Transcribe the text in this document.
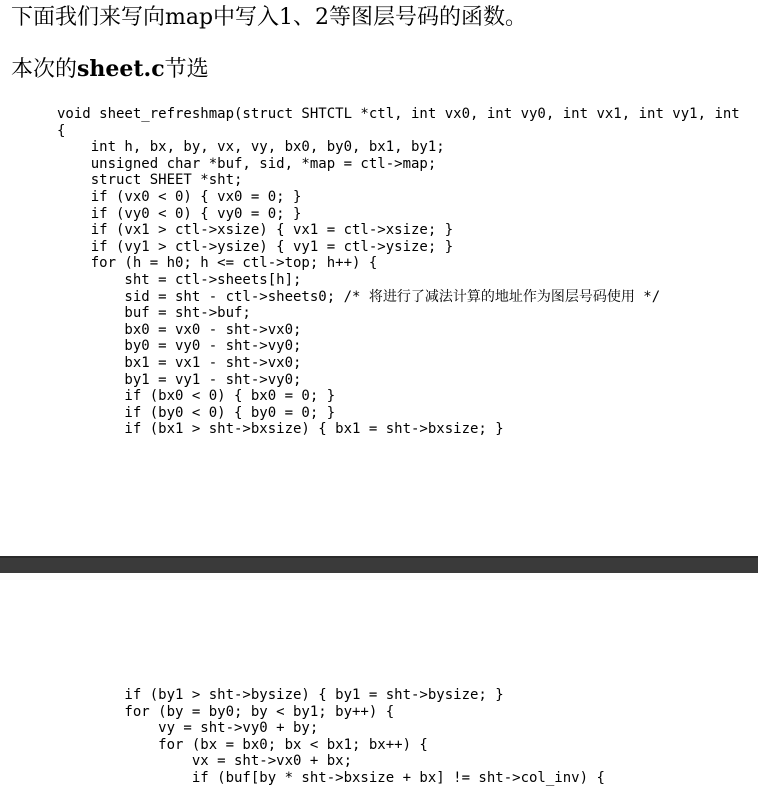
下面我们来写向map中写入1、2等图层号码的函数。
本次的sheet.c节选
void sheet_refreshmap(struct SHTCTL *ctl, int vx0, int vy0, int vx1, int vy1, int
{
int h, bx, by, vx, vy, bx0, by0, bx1, by1;
unsigned char *buf, sid, *map = ctl->map;
struct SHEET *sht;
if (vx0 < 0) { vx0 = 0; }
if (vy0 < 0) { vy0 = 0; }
if (vx1 > ctl->xsize) { vx1 = ctl->xsize; }
if (vy1 > ctl->ysize) { vy1 = ctl->ysize; }
for (h = h0; h <= ctl->top; h++) {
sht = ctl->sheets[h];
sid = sht - ctl->sheets0; /* 将进行了减法计算的地址作为图层号码使用 */
buf = sht->buf;
bx0 = vx0 - sht->vx0;
by0 = vy0 - sht->vy0;
bx1 = vx1 - sht->vx0;
by1 = vy1 - sht->vy0;
if (bx0 < 0) { bx0 = 0; }
if (by0 < 0) { by0 = 0; }
if (bx1 > sht->bxsize) { bx1 = sht->bxsize; }
if (by1 > sht->bysize) { by1 = sht->bysize; }
for (by = by0; by < by1; by++) {
vy = sht->vy0 + by;
for (bx = bx0; bx < bx1; bx++) {
vx = sht->vx0 + bx;
if (buf[by * sht->bxsize + bx] != sht->col_inv) {
